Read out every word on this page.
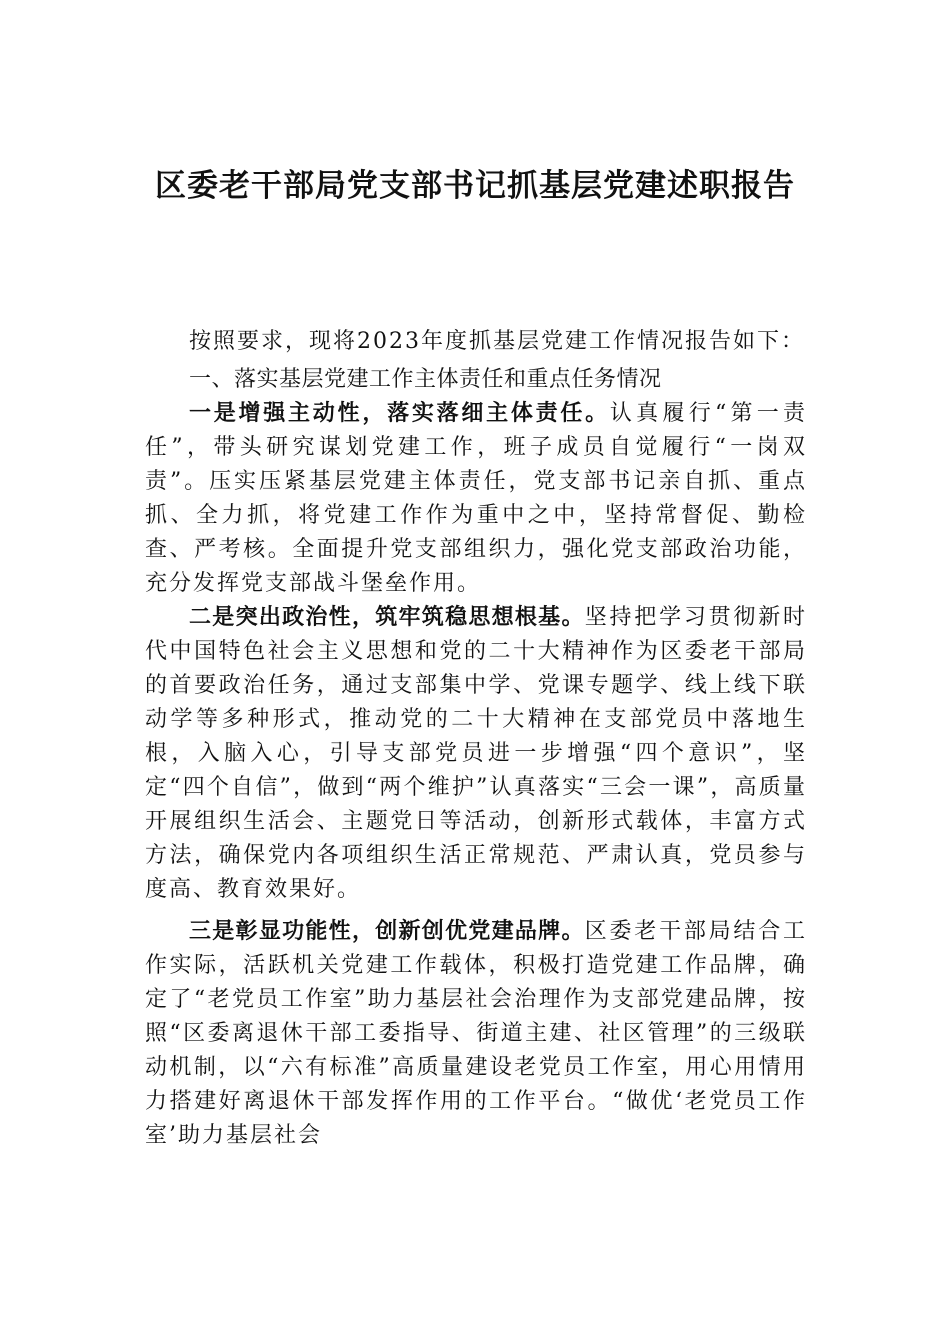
区委老干部局党支部书记抓基层党建述职报告

按照要求，现将2023年度抓基层党建工作情况报告如下：

一、落实基层党建工作主体责任和重点任务情况

一是增强主动性，落实落细主体责任。认真履行“第一责任”，带头研究谋划党建工作，班子成员自觉履行“一岗双责”。压实压紧基层党建主体责任，党支部书记亲自抓、重点抓、全力抓，将党建工作作为重中之中，坚持常督促、勤检查、严考核。全面提升党支部组织力，强化党支部政治功能，充分发挥党支部战斗堡垒作用。

二是突出政治性，筑牢筑稳思想根基。坚持把学习贯彻新时代中国特色社会主义思想和党的二十大精神作为区委老干部局的首要政治任务，通过支部集中学、党课专题学、线上线下联动学等多种形式，推动党的二十大精神在支部党员中落地生根，入脑入心，引导支部党员进一步增强“四个意识”，坚定“四个自信”，做到“两个维护”认真落实“三会一课”，高质量开展组织生活会、主题党日等活动，创新形式载体，丰富方式方法，确保党内各项组织生活正常规范、严肃认真，党员参与度高、教育效果好。

三是彰显功能性，创新创优党建品牌。区委老干部局结合工作实际，活跃机关党建工作载体，积极打造党建工作品牌，确定了“老党员工作室”助力基层社会治理作为支部党建品牌，按照“区委离退休干部工委指导、街道主建、社区管理”的三级联动机制，以“六有标准”高质量建设老党员工作室，用心用情用力搭建好离退休干部发挥作用的工作平台。“做优‘老党员工作室’助力基层社会
